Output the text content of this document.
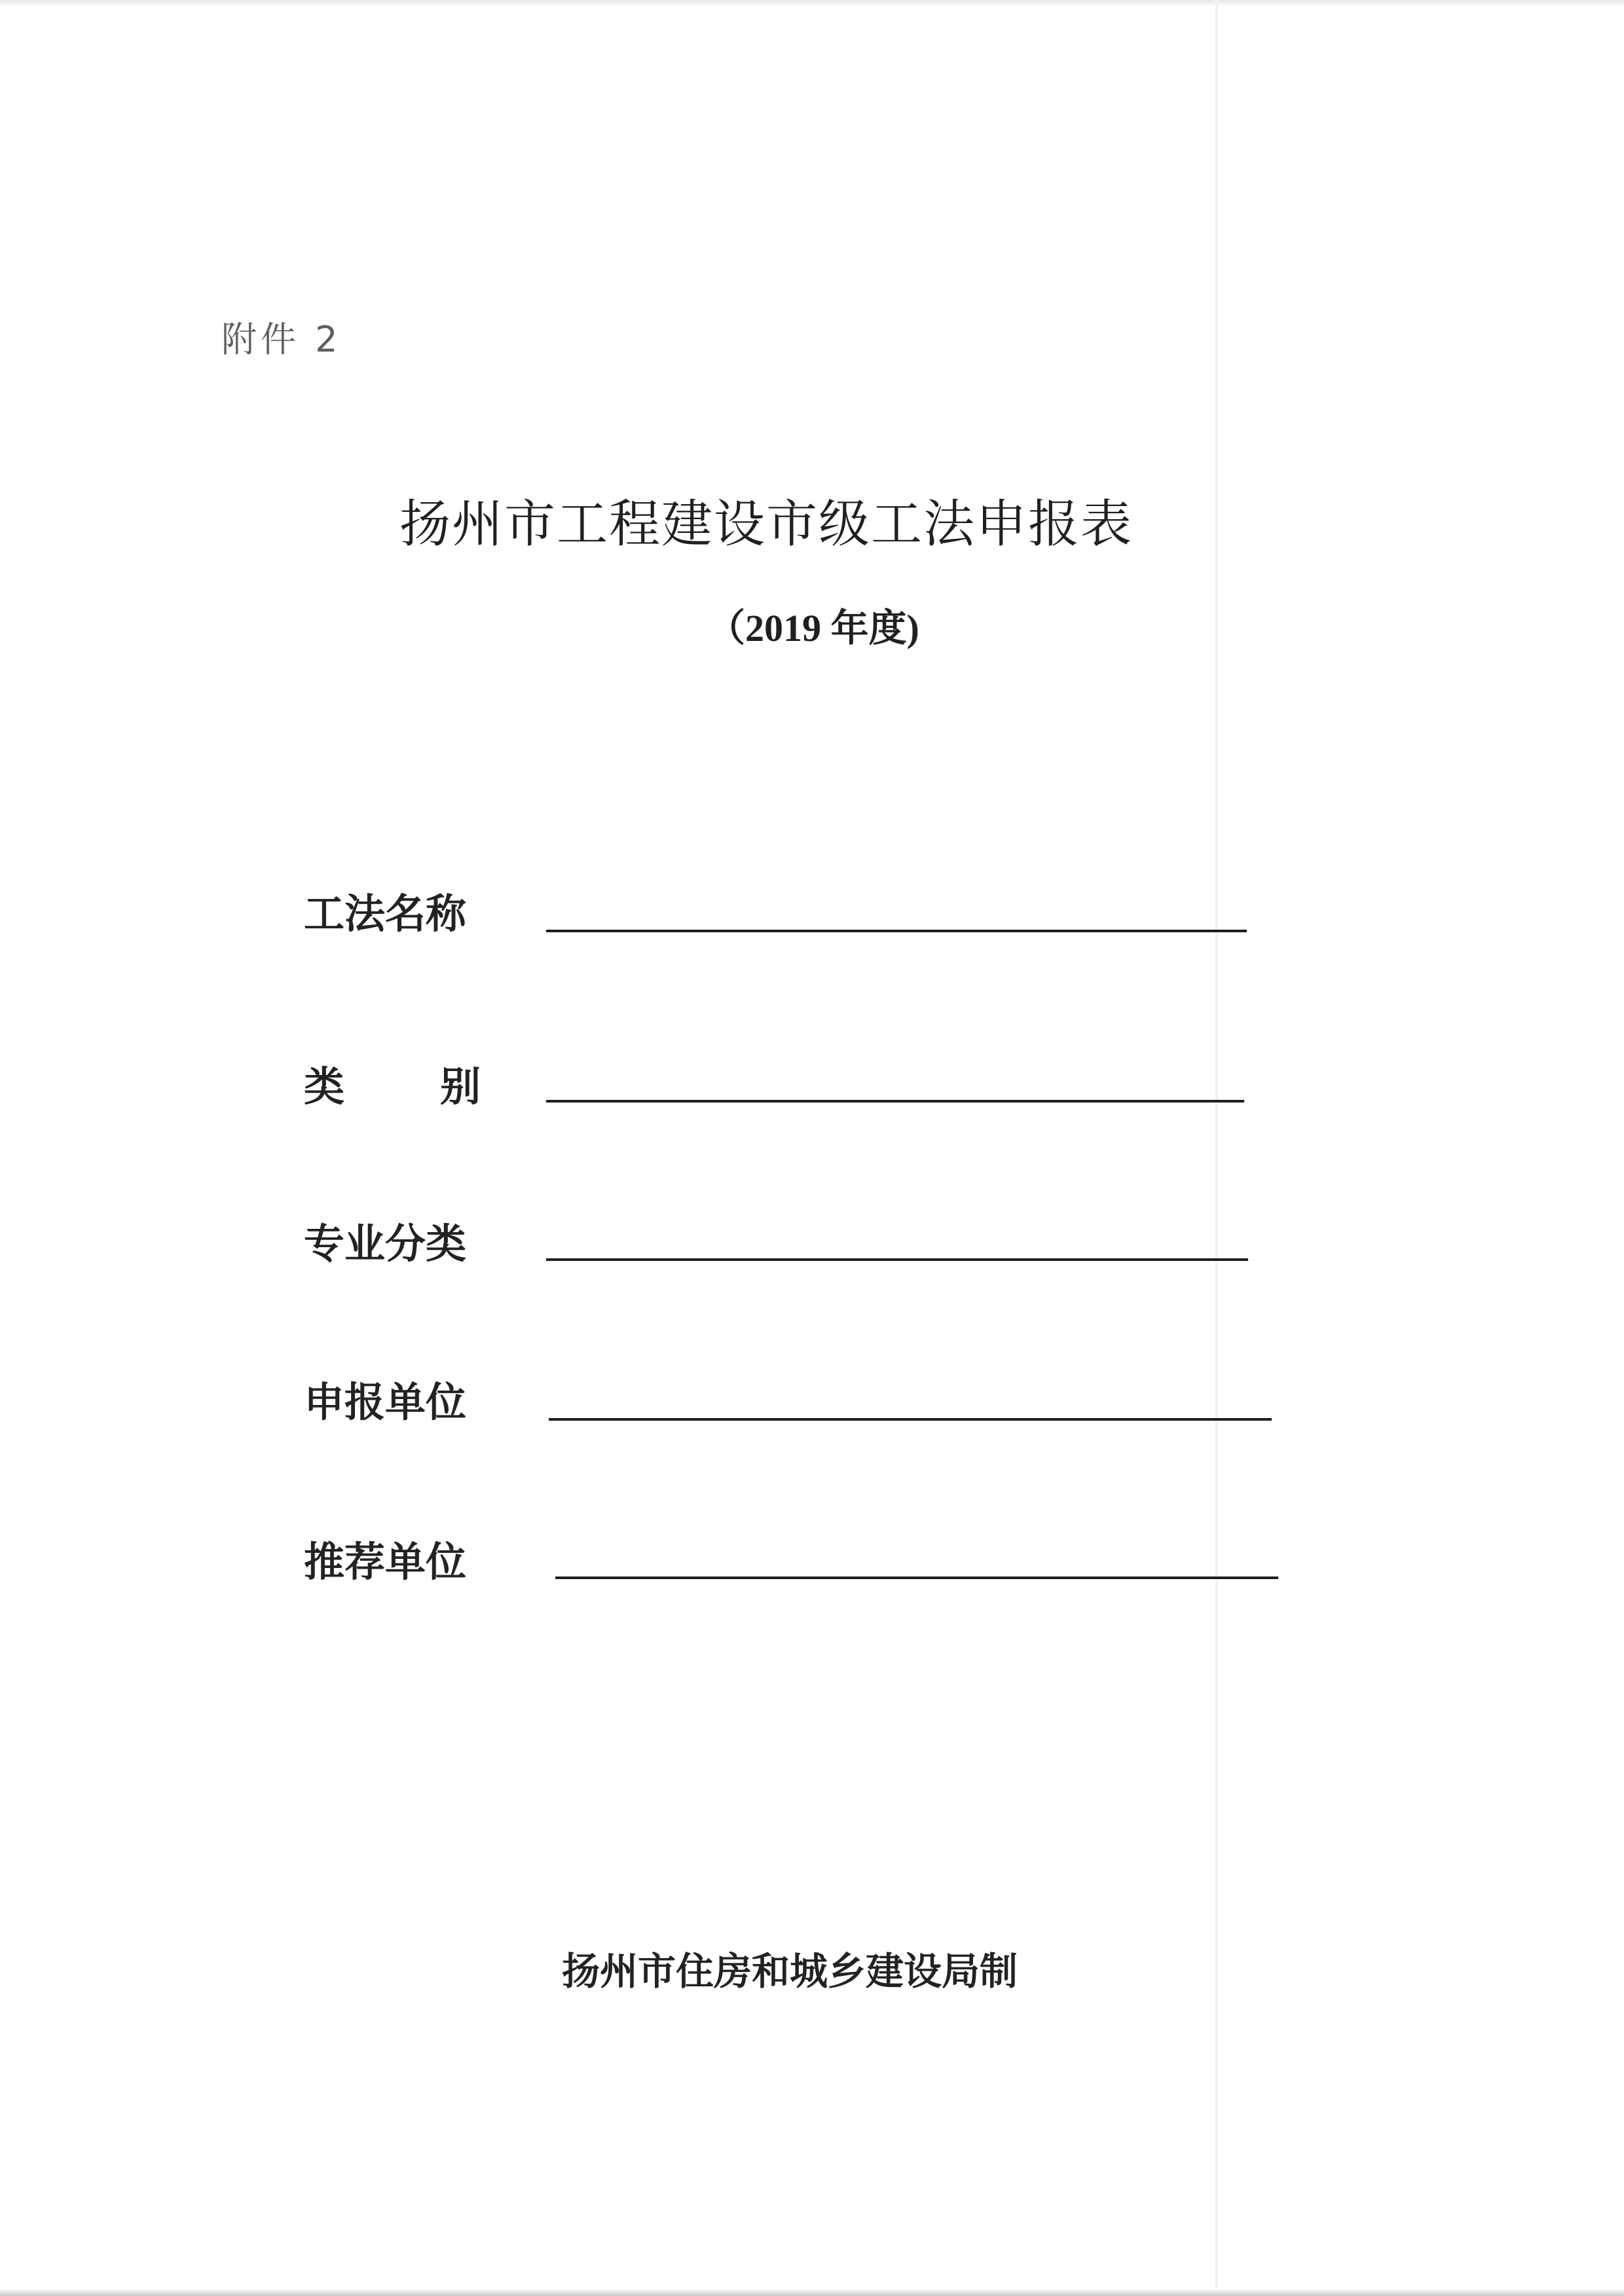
附件 2
扬州市工程建设市级工法申报表
（2019 年度)
工法名称
类 别
专业分类
申报单位
推荐单位
扬州市住房和城乡建设局制
